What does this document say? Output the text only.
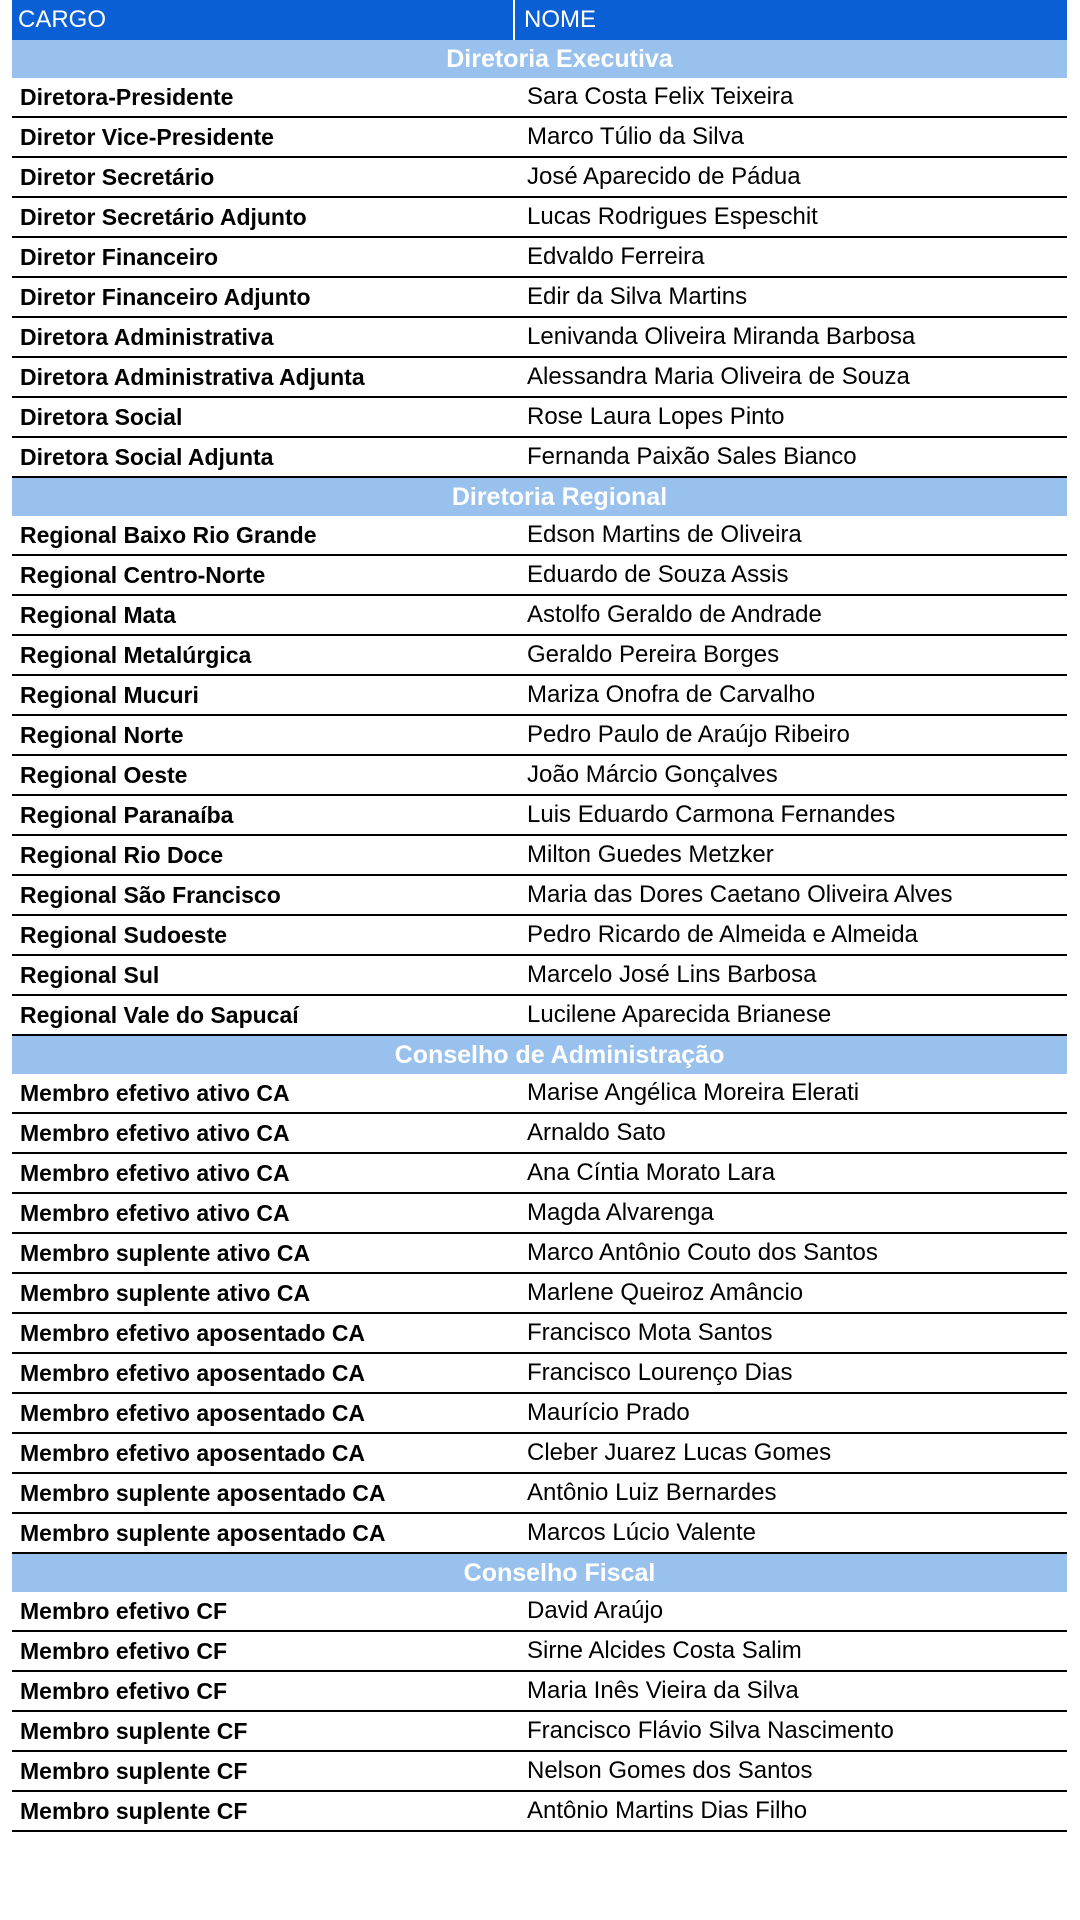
CARGO	NOME
Diretoria Executiva
Diretora-Presidente	Sara Costa Felix Teixeira
Diretor Vice-Presidente	Marco Túlio da Silva
Diretor Secretário	José Aparecido de Pádua
Diretor Secretário Adjunto	Lucas Rodrigues Espeschit
Diretor Financeiro	Edvaldo Ferreira
Diretor Financeiro Adjunto	Edir da Silva Martins
Diretora Administrativa	Lenivanda Oliveira Miranda Barbosa
Diretora Administrativa Adjunta	Alessandra Maria Oliveira de Souza
Diretora Social	Rose Laura Lopes Pinto
Diretora Social Adjunta	Fernanda Paixão Sales Bianco
Diretoria Regional
Regional Baixo Rio Grande	Edson Martins de Oliveira
Regional Centro-Norte	Eduardo de Souza Assis
Regional Mata	Astolfo Geraldo de Andrade
Regional Metalúrgica	Geraldo Pereira Borges
Regional Mucuri	Mariza Onofra de Carvalho
Regional Norte	Pedro Paulo de Araújo Ribeiro
Regional Oeste	João Márcio Gonçalves
Regional Paranaíba	Luis Eduardo Carmona Fernandes
Regional Rio Doce	Milton Guedes Metzker
Regional São Francisco	Maria das Dores Caetano Oliveira Alves
Regional Sudoeste	Pedro Ricardo de Almeida e Almeida
Regional Sul	Marcelo José Lins Barbosa
Regional Vale do Sapucaí	Lucilene Aparecida Brianese
Conselho de Administração
Membro efetivo ativo CA	Marise Angélica Moreira Elerati
Membro efetivo ativo CA	Arnaldo Sato
Membro efetivo ativo CA	Ana Cíntia Morato Lara
Membro efetivo ativo CA	Magda Alvarenga
Membro suplente ativo CA	Marco Antônio Couto dos Santos
Membro suplente ativo CA	Marlene Queiroz Amâncio
Membro efetivo aposentado CA	Francisco Mota Santos
Membro efetivo aposentado CA	Francisco Lourenço Dias
Membro efetivo aposentado CA	Maurício Prado
Membro efetivo aposentado CA	Cleber Juarez Lucas Gomes
Membro suplente aposentado CA	Antônio Luiz Bernardes
Membro suplente aposentado CA	Marcos Lúcio Valente
Conselho Fiscal
Membro efetivo CF	David Araújo
Membro efetivo CF	Sirne Alcides Costa Salim
Membro efetivo CF	Maria Inês Vieira da Silva
Membro suplente CF	Francisco Flávio Silva Nascimento
Membro suplente CF	Nelson Gomes dos Santos
Membro suplente CF	Antônio Martins Dias Filho
